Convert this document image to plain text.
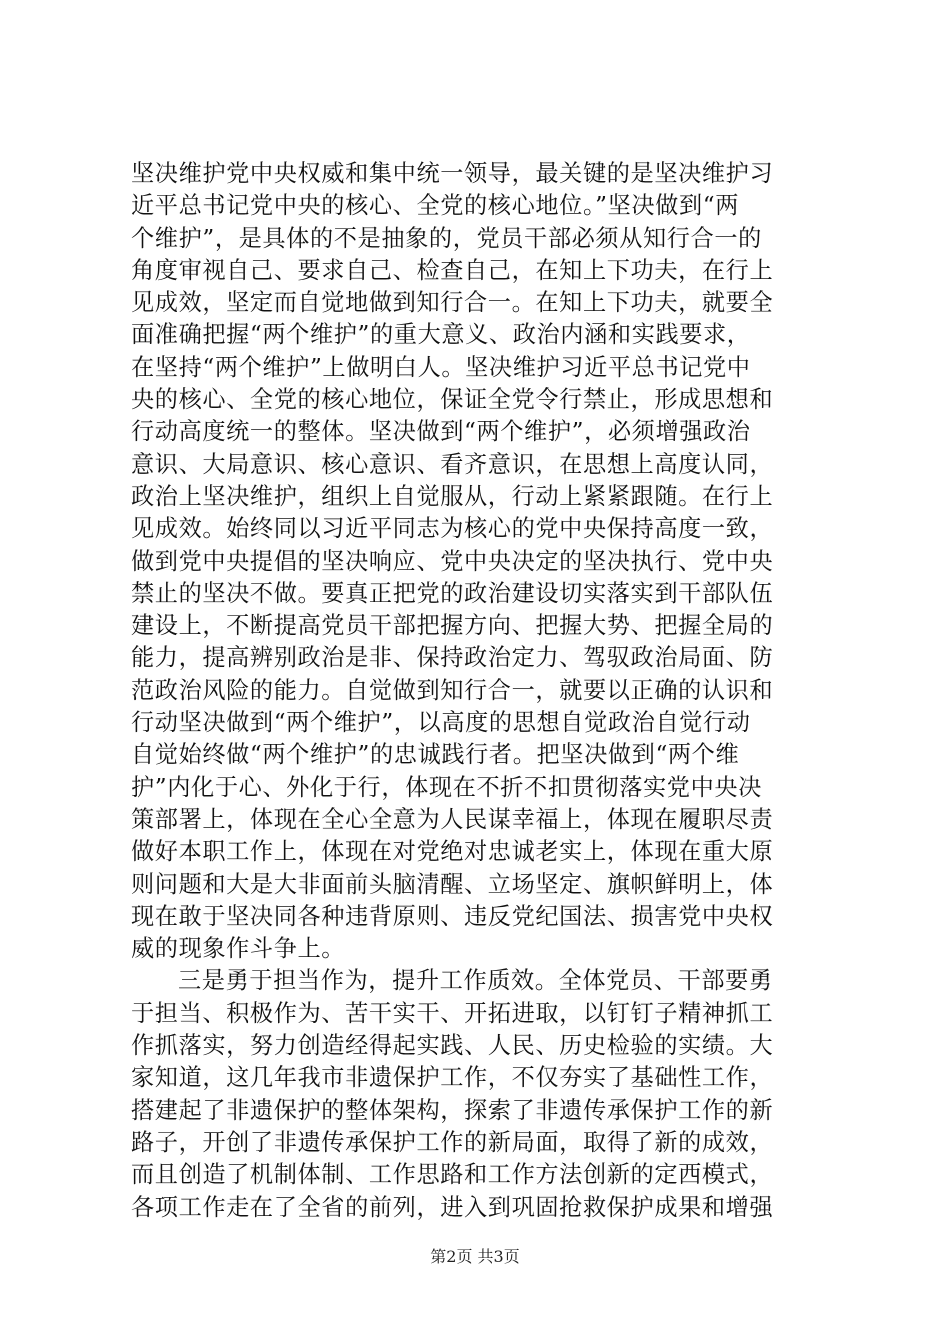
坚决维护党中央权威和集中统一领导，最关键的是坚决维护习
近平总书记党中央的核心、全党的核心地位。”坚决做到“两
个维护”，是具体的不是抽象的，党员干部必须从知行合一的
角度审视自己、要求自己、检查自己，在知上下功夫，在行上
见成效，坚定而自觉地做到知行合一。在知上下功夫，就要全
面准确把握“两个维护”的重大意义、政治内涵和实践要求，
在坚持“两个维护”上做明白人。坚决维护习近平总书记党中
央的核心、全党的核心地位，保证全党令行禁止，形成思想和
行动高度统一的整体。坚决做到“两个维护”，必须增强政治
意识、大局意识、核心意识、看齐意识，在思想上高度认同，
政治上坚决维护，组织上自觉服从，行动上紧紧跟随。在行上
见成效。始终同以习近平同志为核心的党中央保持高度一致，
做到党中央提倡的坚决响应、党中央决定的坚决执行、党中央
禁止的坚决不做。要真正把党的政治建设切实落实到干部队伍
建设上，不断提高党员干部把握方向、把握大势、把握全局的
能力，提高辨别政治是非、保持政治定力、驾驭政治局面、防
范政治风险的能力。自觉做到知行合一，就要以正确的认识和
行动坚决做到“两个维护”，以高度的思想自觉政治自觉行动
自觉始终做“两个维护”的忠诚践行者。把坚决做到“两个维
护”内化于心、外化于行，体现在不折不扣贯彻落实党中央决
策部署上，体现在全心全意为人民谋幸福上，体现在履职尽责
做好本职工作上，体现在对党绝对忠诚老实上，体现在重大原
则问题和大是大非面前头脑清醒、立场坚定、旗帜鲜明上，体
现在敢于坚决同各种违背原则、违反党纪国法、损害党中央权
威的现象作斗争上。
三是勇于担当作为，提升工作质效。全体党员、干部要勇
于担当、积极作为、苦干实干、开拓进取，以钉钉子精神抓工
作抓落实，努力创造经得起实践、人民、历史检验的实绩。大
家知道，这几年我市非遗保护工作，不仅夯实了基础性工作，
搭建起了非遗保护的整体架构，探索了非遗传承保护工作的新
路子，开创了非遗传承保护工作的新局面，取得了新的成效，
而且创造了机制体制、工作思路和工作方法创新的定西模式，
各项工作走在了全省的前列，进入到巩固抢救保护成果和增强
第2页 共3页
